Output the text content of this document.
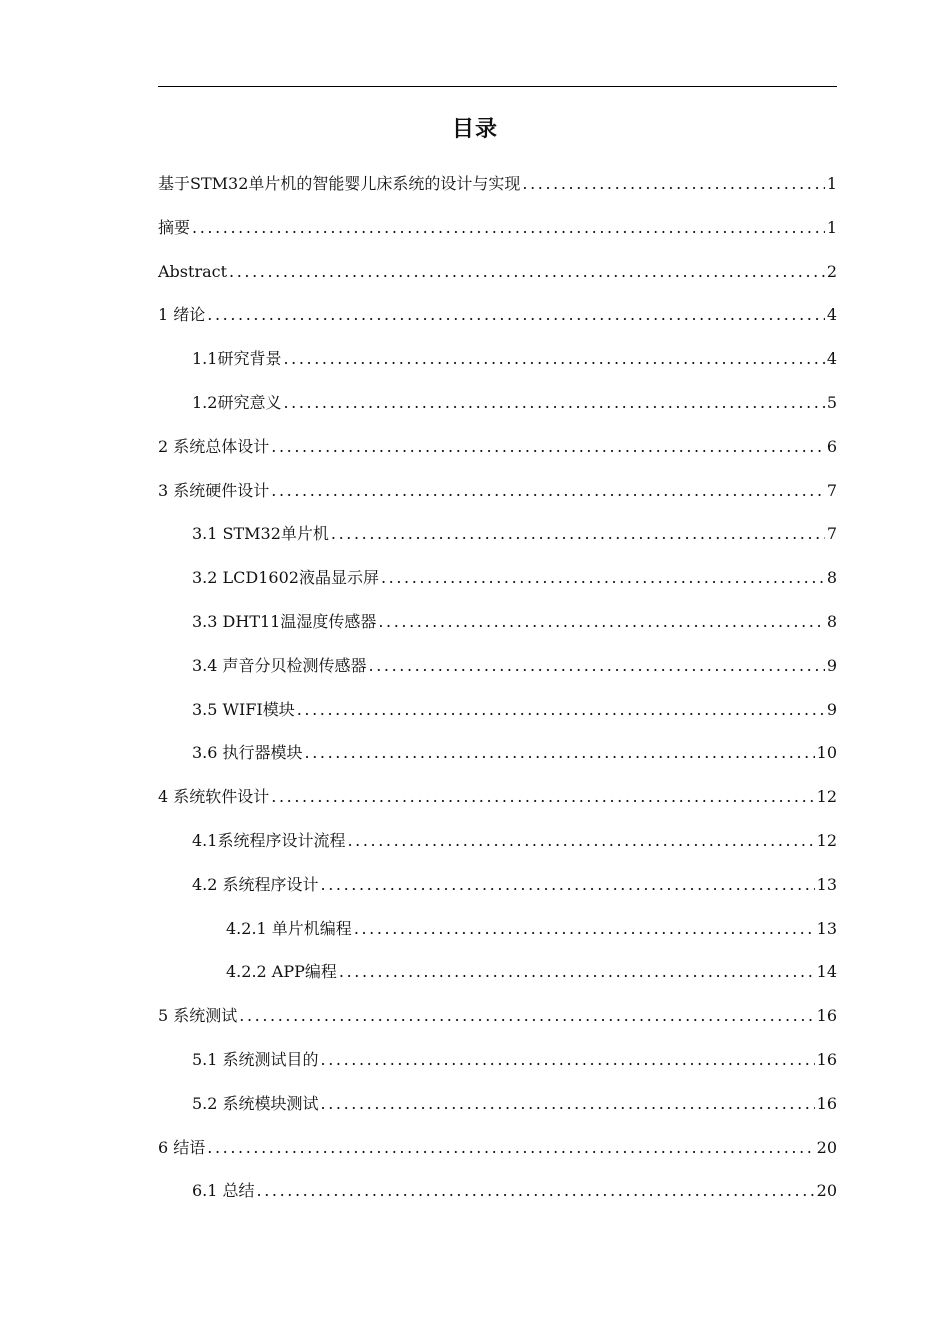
目录
基于STM32单片机的智能婴儿床系统的设计与实现 .....	1
摘要 .....	1
Abstract .....	2
1 绪论 .....	4
1.1研究背景 .....	4
1.2研究意义 .....	5
2 系统总体设计 .....	6
3 系统硬件设计 .....	7
3.1 STM32单片机 .....	7
3.2 LCD1602液晶显示屏 .....	8
3.3 DHT11温湿度传感器 .....	8
3.4 声音分贝检测传感器 .....	9
3.5 WIFI模块 .....	9
3.6 执行器模块 .....	10
4 系统软件设计 .....	12
4.1系统程序设计流程 .....	12
4.2 系统程序设计 .....	13
4.2.1 单片机编程 .....	13
4.2.2 APP编程 .....	14
5 系统测试 .....	16
5.1 系统测试目的 .....	16
5.2 系统模块测试 .....	16
6 结语 .....	20
6.1 总结 .....	20
